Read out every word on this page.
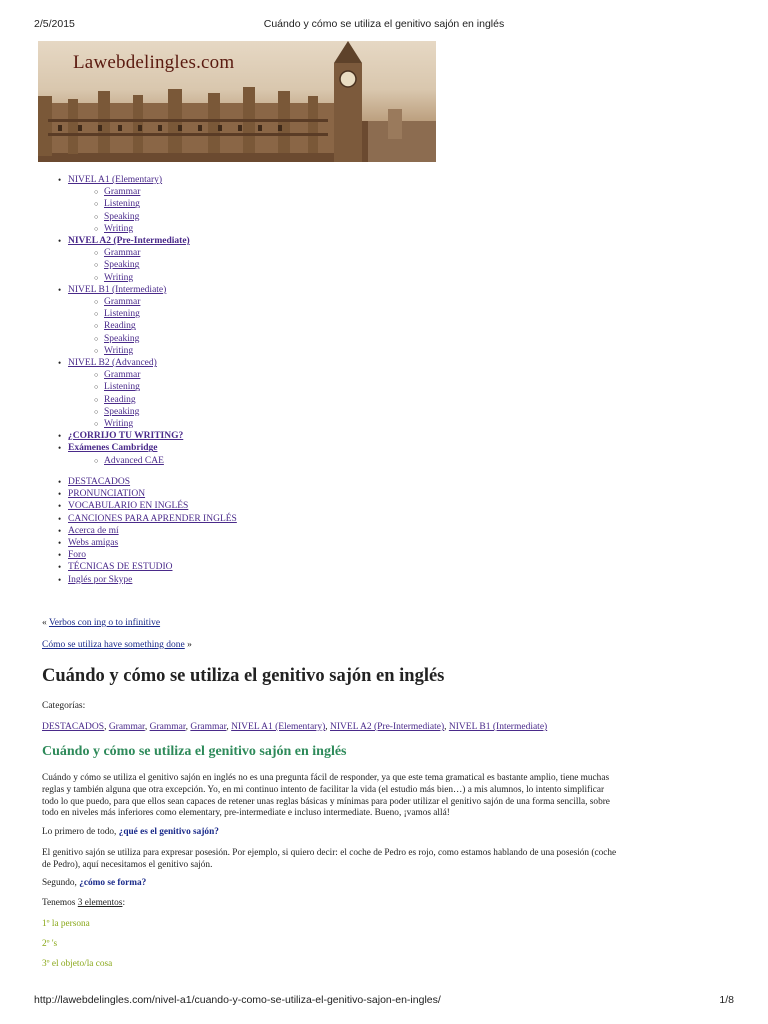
2/5/2015	Cuándo y cómo se utiliza el genitivo sajón en inglés
Lawebdelingles.com
• NIVEL A1 (Elementary)
○ Grammar
○ Listening
○ Speaking
○ Writing
• NIVEL A2 (Pre-Intermediate)
○ Grammar
○ Speaking
○ Writing
• NIVEL B1 (Intermediate)
○ Grammar
○ Listening
○ Reading
○ Speaking
○ Writing
• NIVEL B2 (Advanced)
○ Grammar
○ Listening
○ Reading
○ Speaking
○ Writing
• ¿CORRIJO TU WRITING?
• Exámenes Cambridge
○ Advanced CAE
• DESTACADOS
• PRONUNCIATION
• VOCABULARIO EN INGLÉS
• CANCIONES PARA APRENDER INGLÉS
• Acerca de mí
• Webs amigas
• Foro
• TÉCNICAS DE ESTUDIO
• Inglés por Skype
« Verbos con ing o to infinitive
Cómo se utiliza have something done »
Cuándo y cómo se utiliza el genitivo sajón en inglés
Categorías:
DESTACADOS, Grammar, Grammar, Grammar, NIVEL A1 (Elementary), NIVEL A2 (Pre-Intermediate), NIVEL B1 (Intermediate)
Cuándo y cómo se utiliza el genitivo sajón en inglés
Cuándo y cómo se utiliza el genitivo sajón en inglés no es una pregunta fácil de responder, ya que este tema gramatical es bastante amplio, tiene muchas reglas y también alguna que otra excepción. Yo, en mi continuo intento de facilitar la vida (el estudio más bien…) a mis alumnos, lo intento simplificar todo lo que puedo, para que ellos sean capaces de retener unas reglas básicas y mínimas para poder utilizar el genitivo sajón de una forma sencilla, sobre todo en niveles más inferiores como elementary, pre-intermediate e incluso intermediate. Bueno, ¡vamos allá!
Lo primero de todo, ¿qué es el genitivo sajón?
El genitivo sajón se utiliza para expresar posesión. Por ejemplo, si quiero decir: el coche de Pedro es rojo, como estamos hablando de una posesión (coche de Pedro), aquí necesitamos el genitivo sajón.
Segundo, ¿cómo se forma?
Tenemos 3 elementos:
1º la persona
2º 's
3º el objeto/la cosa
http://lawebdelingles.com/nivel-a1/cuando-y-como-se-utiliza-el-genitivo-sajon-en-ingles/	1/8
